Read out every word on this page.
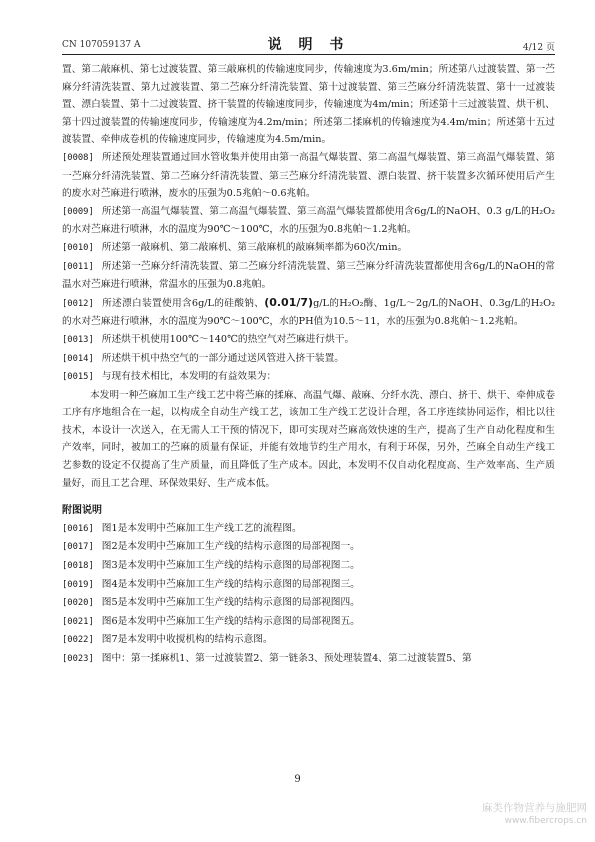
CN 107059137 A	说 明 书	4/12 页

置、第二敲麻机、第七过渡装置、第三敲麻机的传输速度同步，传输速度为3.6m/min；所述第八过渡装置、第一苎麻分纤清洗装置、第九过渡装置、第二苎麻分纤清洗装置、第十过渡装置、第三苎麻分纤清洗装置、第十一过渡装置、漂白装置、第十二过渡装置、挤干装置的传输速度同步，传输速度为4m/min；所述第十三过渡装置、烘干机、第十四过渡装置的传输速度同步，传输速度为4.2m/min；所述第二揉麻机的传输速度为4.4m/min；所述第十五过渡装置、牵伸成卷机的传输速度同步，传输速度为4.5m/min。

[0008] 所述预处理装置通过回水管收集并使用由第一高温气爆装置、第二高温气爆装置、第三高温气爆装置、第一苎麻分纤清洗装置、第二苎麻分纤清洗装置、第三苎麻分纤清洗装置、漂白装置、挤干装置多次循环使用后产生的废水对苎麻进行喷淋，废水的压强为0.5兆帕～0.6兆帕。

[0009] 所述第一高温气爆装置、第二高温气爆装置、第三高温气爆装置都使用含6g/L的NaOH、0.3 g/L的H₂O₂的水对苎麻进行喷淋，水的温度为90℃～100℃，水的压强为0.8兆帕～1.2兆帕。

[0010] 所述第一敲麻机、第二敲麻机、第三敲麻机的敲麻频率都为60次/min。

[0011] 所述第一苎麻分纤清洗装置、第二苎麻分纤清洗装置、第三苎麻分纤清洗装置都使用含6g/L的NaOH的常温水对苎麻进行喷淋，常温水的压强为0.8兆帕。

[0012] 所述漂白装置使用含6g/L的硅酸钠、(0.01/7)g/L的H₂O₂酶、1g/L～2g/L的NaOH、0.3g/L的H₂O₂的水对苎麻进行喷淋，水的温度为90℃～100℃，水的PH值为10.5～11，水的压强为0.8兆帕～1.2兆帕。

[0013] 所述烘干机使用100℃～140℃的热空气对苎麻进行烘干。

[0014] 所述烘干机中热空气的一部分通过送风管进入挤干装置。

[0015] 与现有技术相比，本发明的有益效果为：

本发明一种苎麻加工生产线工艺中将苎麻的揉麻、高温气爆、敲麻、分纤水洗、漂白、挤干、烘干、牵伸成卷工序有序地组合在一起，以构成全自动生产线工艺，该加工生产线工艺设计合理，各工序连续协同运作，相比以往技术，本设计一次送入，在无需人工干预的情况下，即可实现对苎麻高效快速的生产，提高了生产自动化程度和生产效率，同时，被加工的苎麻的质量有保证，并能有效地节约生产用水，有利于环保，另外，苎麻全自动生产线工艺参数的设定不仅提高了生产质量，而且降低了生产成本。因此，本发明不仅自动化程度高、生产效率高、生产质量好，而且工艺合理、环保效果好、生产成本低。

附图说明

[0016] 图1是本发明中苎麻加工生产线工艺的流程图。

[0017] 图2是本发明中苎麻加工生产线的结构示意图的局部视图一。

[0018] 图3是本发明中苎麻加工生产线的结构示意图的局部视图二。

[0019] 图4是本发明中苎麻加工生产线的结构示意图的局部视图三。

[0020] 图5是本发明中苎麻加工生产线的结构示意图的局部视图四。

[0021] 图6是本发明中苎麻加工生产线的结构示意图的局部视图五。

[0022] 图7是本发明中收搅机构的结构示意图。

[0023] 图中：第一揉麻机1、第一过渡装置2、第一链条3、预处理装置4、第二过渡装置5、第

9
麻类作物营养与施肥网
www.fibercrops.cn
